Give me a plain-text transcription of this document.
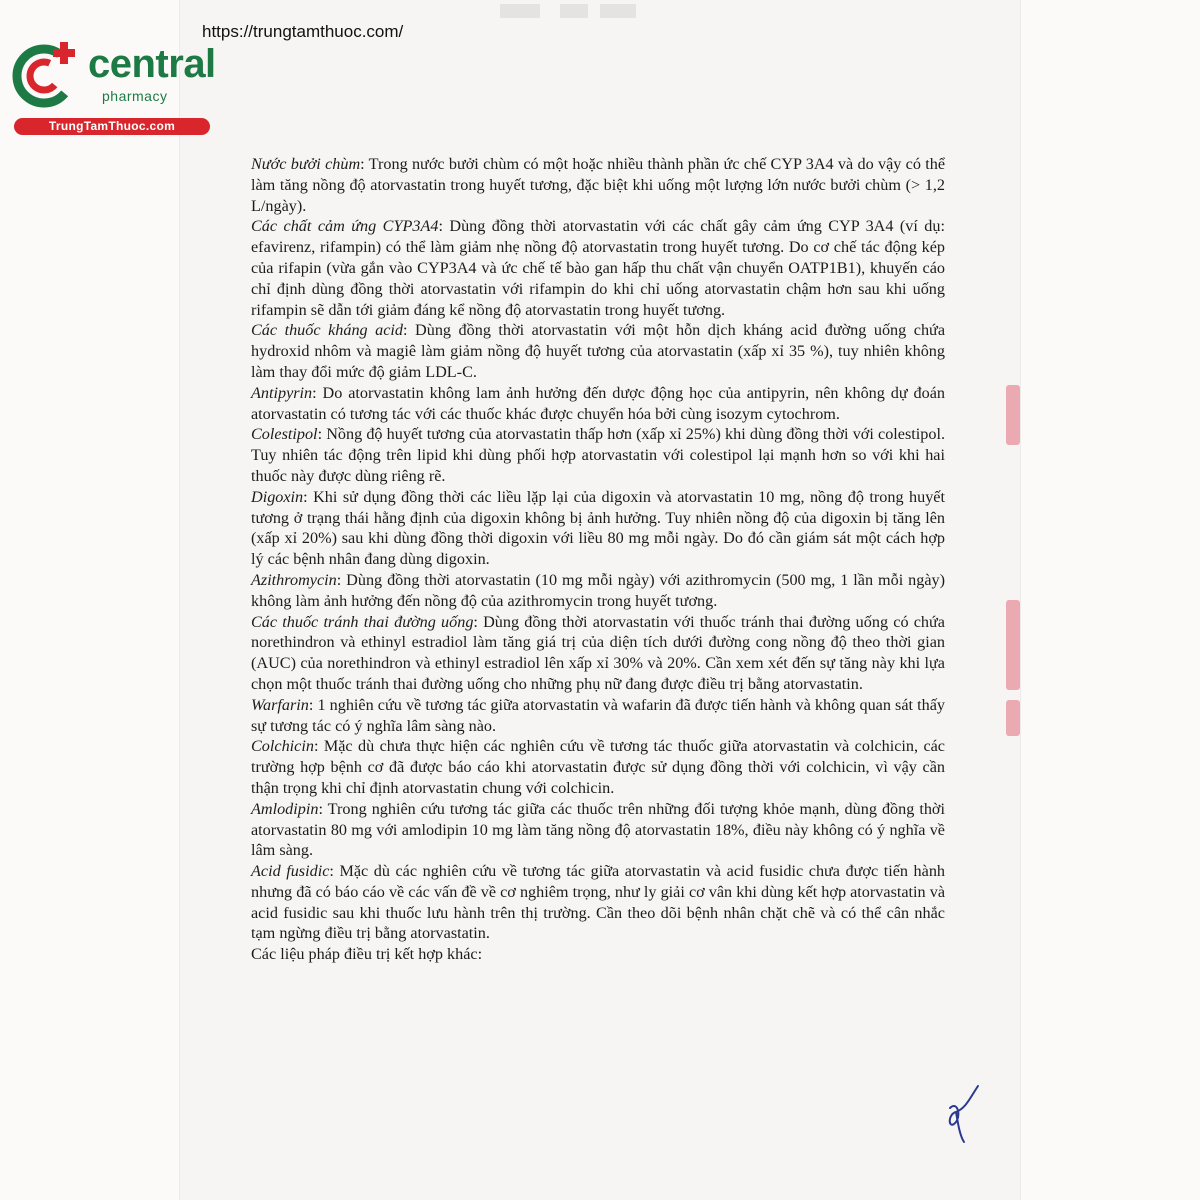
https://trungtamthuoc.com/
central
pharmacy
TrungTamThuoc.com

Nước bưởi chùm: Trong nước bưởi chùm có một hoặc nhiều thành phần ức chế CYP 3A4 và do vậy có thể làm tăng nồng độ atorvastatin trong huyết tương, đặc biệt khi uống một lượng lớn nước bưởi chùm (> 1,2 L/ngày).

Các chất cảm ứng CYP3A4: Dùng đồng thời atorvastatin với các chất gây cảm ứng CYP 3A4 (ví dụ: efavirenz, rifampin) có thể làm giảm nhẹ nồng độ atorvastatin trong huyết tương. Do cơ chế tác động kép của rifapin (vừa gắn vào CYP3A4 và ức chế tế bào gan hấp thu chất vận chuyển OATP1B1), khuyến cáo chỉ định dùng đồng thời atorvastatin với rifampin do khi chỉ uống atorvastatin chậm hơn sau khi uống rifampin sẽ dẫn tới giảm đáng kể nồng độ atorvastatin trong huyết tương.

Các thuốc kháng acid: Dùng đồng thời atorvastatin với một hỗn dịch kháng acid đường uống chứa hydroxid nhôm và magiê làm giảm nồng độ huyết tương của atorvastatin (xấp xỉ 35 %), tuy nhiên không làm thay đổi mức độ giảm LDL-C.

Antipyrin: Do atorvastatin không lam ảnh hưởng đến dược động học của antipyrin, nên không dự đoán atorvastatin có tương tác với các thuốc khác được chuyển hóa bởi cùng isozym cytochrom.

Colestipol: Nồng độ huyết tương của atorvastatin thấp hơn (xấp xỉ 25%) khi dùng đồng thời với colestipol. Tuy nhiên tác động trên lipid khi dùng phối hợp atorvastatin với colestipol lại mạnh hơn so với khi hai thuốc này được dùng riêng rẽ.

Digoxin: Khi sử dụng đồng thời các liều lặp lại của digoxin và atorvastatin 10 mg, nồng độ trong huyết tương ở trạng thái hằng định của digoxin không bị ảnh hưởng. Tuy nhiên nồng độ của digoxin bị tăng lên (xấp xỉ 20%) sau khi dùng đồng thời digoxin với liều 80 mg mỗi ngày. Do đó cần giám sát một cách hợp lý các bệnh nhân đang dùng digoxin.

Azithromycin: Dùng đồng thời atorvastatin (10 mg mỗi ngày) với azithromycin (500 mg, 1 lần mỗi ngày) không làm ảnh hưởng đến nồng độ của azithromycin trong huyết tương.

Các thuốc tránh thai đường uống: Dùng đồng thời atorvastatin với thuốc tránh thai đường uống có chứa norethindron và ethinyl estradiol làm tăng giá trị của diện tích dưới đường cong nồng độ theo thời gian (AUC) của norethindron và ethinyl estradiol lên xấp xỉ 30% và 20%. Cần xem xét đến sự tăng này khi lựa chọn một thuốc tránh thai đường uống cho những phụ nữ đang được điều trị bằng atorvastatin.

Warfarin: 1 nghiên cứu về tương tác giữa atorvastatin và wafarin đã được tiến hành và không quan sát thấy sự tương tác có ý nghĩa lâm sàng nào.

Colchicin: Mặc dù chưa thực hiện các nghiên cứu về tương tác thuốc giữa atorvastatin và colchicin, các trường hợp bệnh cơ đã được báo cáo khi atorvastatin được sử dụng đồng thời với colchicin, vì vậy cần thận trọng khi chỉ định atorvastatin chung với colchicin.

Amlodipin: Trong nghiên cứu tương tác giữa các thuốc trên những đối tượng khỏe mạnh, dùng đồng thời atorvastatin 80 mg với amlodipin 10 mg làm tăng nồng độ atorvastatin 18%, điều này không có ý nghĩa về lâm sàng.

Acid fusidic: Mặc dù các nghiên cứu về tương tác giữa atorvastatin và acid fusidic chưa được tiến hành nhưng đã có báo cáo về các vấn đề về cơ nghiêm trọng, như ly giải cơ vân khi dùng kết hợp atorvastatin và acid fusidic sau khi thuốc lưu hành trên thị trường. Cần theo dõi bệnh nhân chặt chẽ và có thể cân nhắc tạm ngừng điều trị bằng atorvastatin.

Các liệu pháp điều trị kết hợp khác:
